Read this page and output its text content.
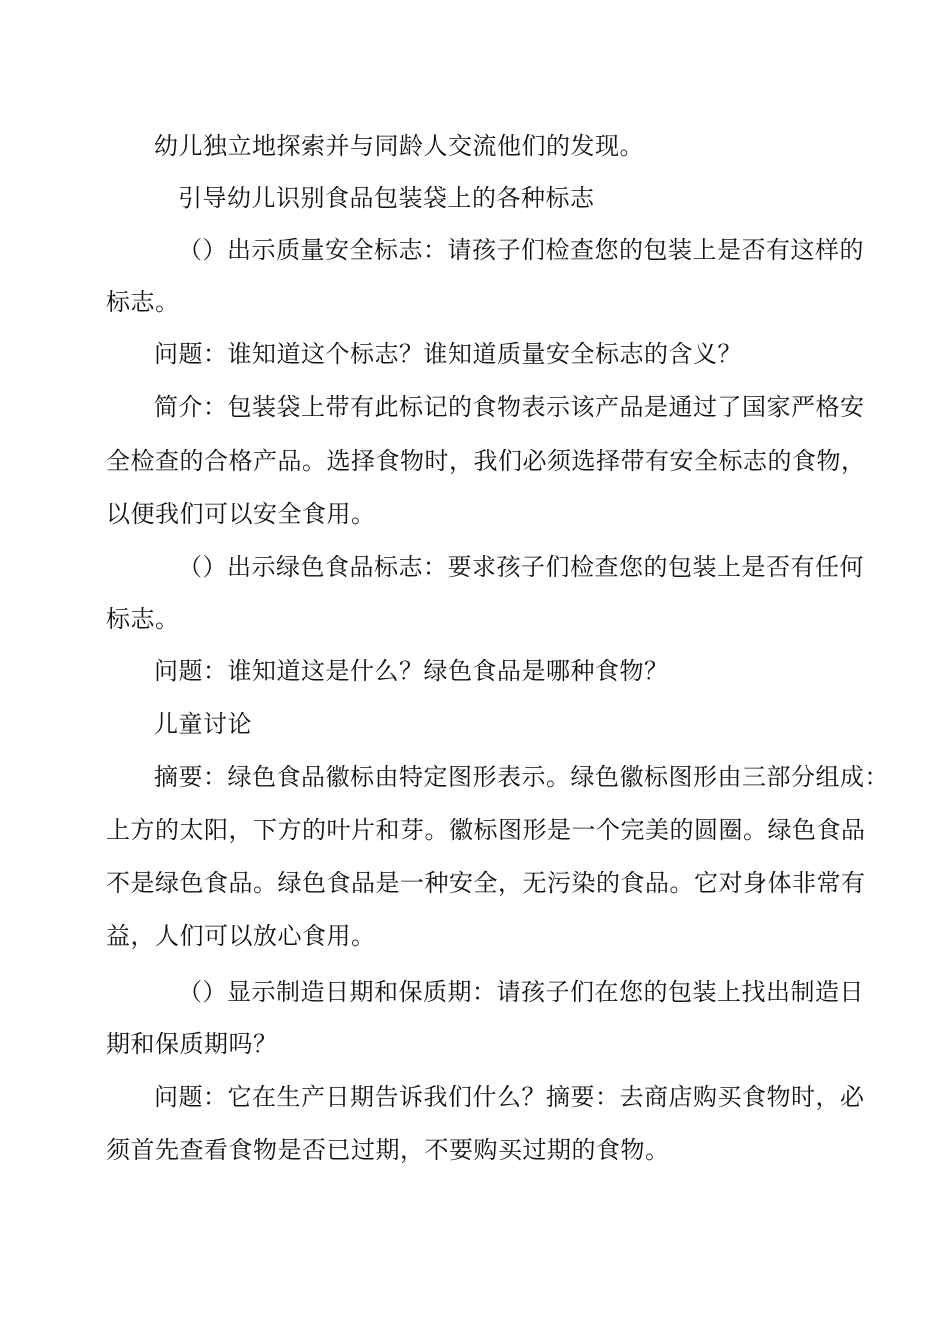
幼儿独立地探索并与同龄人交流他们的发现。
引导幼儿识别食品包装袋上的各种标志
（）出示质量安全标志：请孩子们检查您的包装上是否有这样的
标志。
问题：谁知道这个标志？谁知道质量安全标志的含义？
简介：包装袋上带有此标记的食物表示该产品是通过了国家严格安
全检查的合格产品。选择食物时，我们必须选择带有安全标志的食物，
以便我们可以安全食用。
（）出示绿色食品标志：要求孩子们检查您的包装上是否有任何
标志。
问题：谁知道这是什么？绿色食品是哪种食物？
儿童讨论
摘要：绿色食品徽标由特定图形表示。绿色徽标图形由三部分组成：
上方的太阳，下方的叶片和芽。徽标图形是一个完美的圆圈。绿色食品
不是绿色食品。绿色食品是一种安全，无污染的食品。它对身体非常有
益，人们可以放心食用。
（）显示制造日期和保质期：请孩子们在您的包装上找出制造日
期和保质期吗？
问题：它在生产日期告诉我们什么？摘要：去商店购买食物时，必
须首先查看食物是否已过期，不要购买过期的食物。
